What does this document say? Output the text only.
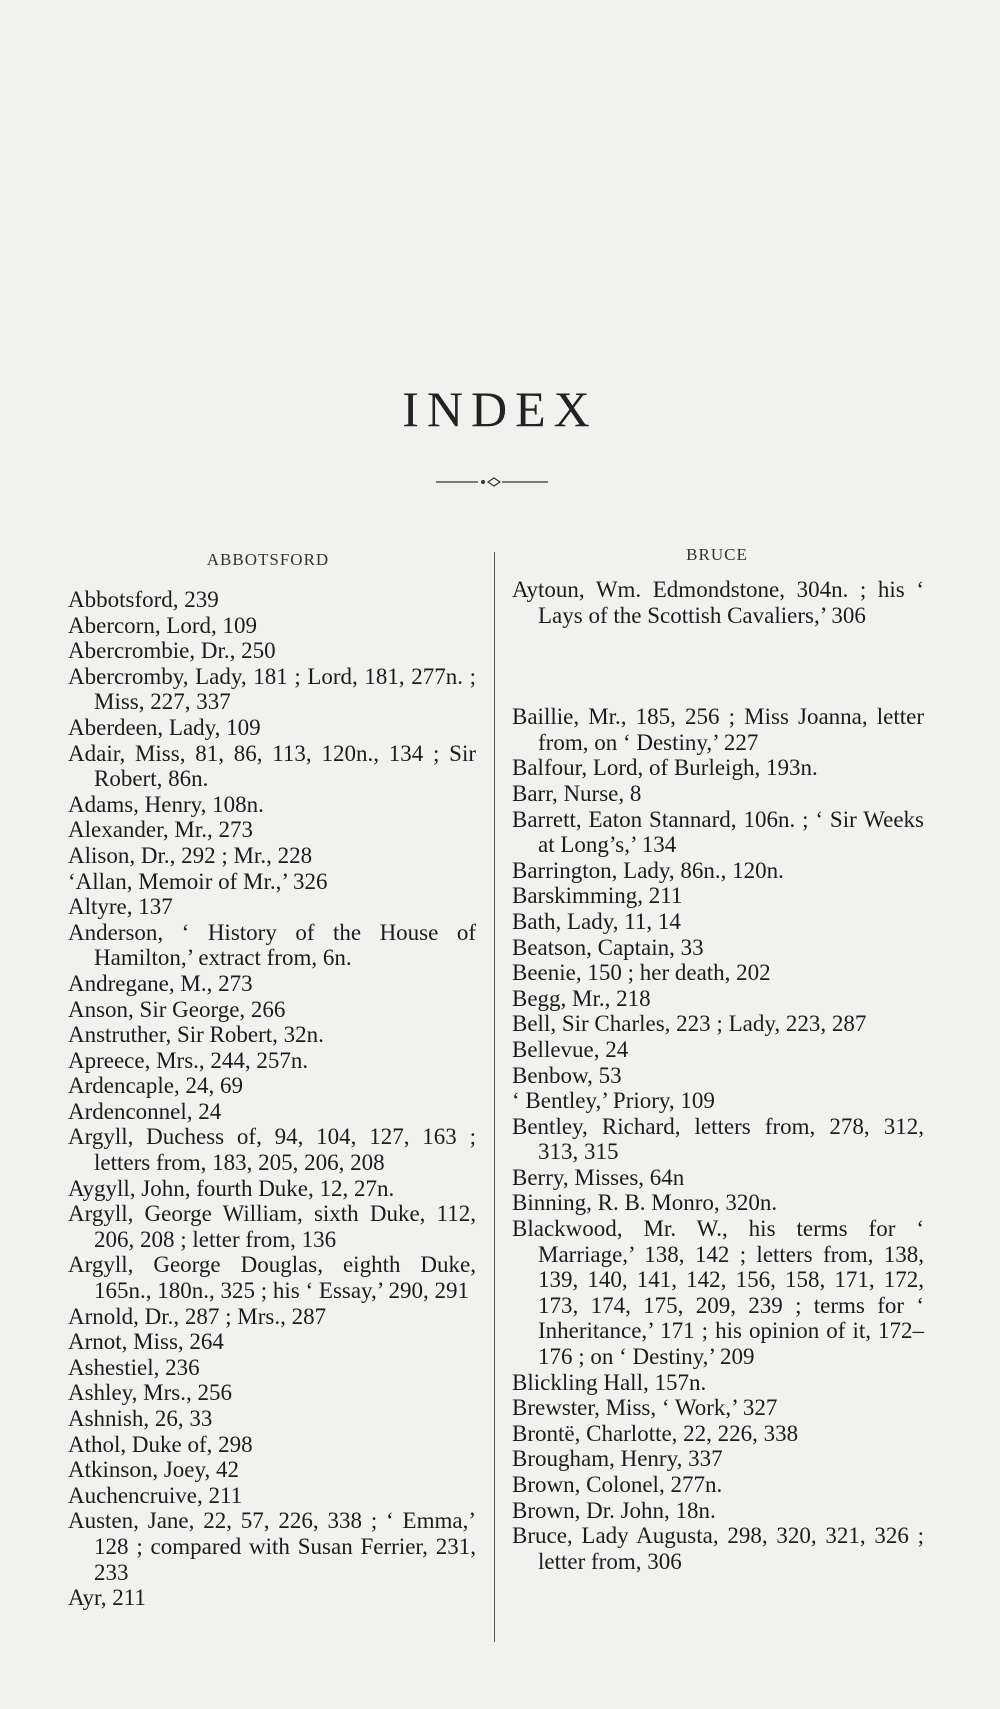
INDEX
ABBOTSFORD	BRUCE

Abbotsford, 239

Abercorn, Lord, 109

Abercrombie, Dr., 250

Abercromby, Lady, 181 ; Lord, 181, 277n. ; Miss, 227, 337

Aberdeen, Lady, 109

Adair, Miss, 81, 86, 113, 120n., 134 ; Sir Robert, 86n.

Adams, Henry, 108n.

Alexander, Mr., 273

Alison, Dr., 292 ; Mr., 228

‘Allan, Memoir of Mr.,’ 326

Altyre, 137

Anderson, ‘ History of the House of Hamilton,’ extract from, 6n.

Andregane, M., 273

Anson, Sir George, 266

Anstruther, Sir Robert, 32n.

Apreece, Mrs., 244, 257n.

Ardencaple, 24, 69

Ardenconnel, 24

Argyll, Duchess of, 94, 104, 127, 163 ; letters from, 183, 205, 206, 208

Aygyll, John, fourth Duke, 12, 27n.

Argyll, George William, sixth Duke, 112, 206, 208 ; letter from, 136

Argyll, George Douglas, eighth Duke, 165n., 180n., 325 ; his ‘ Essay,’ 290, 291

Arnold, Dr., 287 ; Mrs., 287

Arnot, Miss, 264

Ashestiel, 236

Ashley, Mrs., 256

Ashnish, 26, 33

Athol, Duke of, 298

Atkinson, Joey, 42

Auchencruive, 211

Austen, Jane, 22, 57, 226, 338 ; ‘ Emma,’ 128 ; compared with Susan Ferrier, 231, 233

Ayr, 211

Aytoun, Wm. Edmondstone, 304n. ; his ‘ Lays of the Scottish Cavaliers,’ 306

Baillie, Mr., 185, 256 ; Miss Joanna, letter from, on ‘ Destiny,’ 227

Balfour, Lord, of Burleigh, 193n.

Barr, Nurse, 8

Barrett, Eaton Stannard, 106n. ; ‘ Sir Weeks at Long’s,’ 134

Barrington, Lady, 86n., 120n.

Barskimming, 211

Bath, Lady, 11, 14

Beatson, Captain, 33

Beenie, 150 ; her death, 202

Begg, Mr., 218

Bell, Sir Charles, 223 ; Lady, 223, 287

Bellevue, 24

Benbow, 53

‘ Bentley,’ Priory, 109

Bentley, Richard, letters from, 278, 312, 313, 315

Berry, Misses, 64n

Binning, R. B. Monro, 320n.

Blackwood, Mr. W., his terms for ‘ Marriage,’ 138, 142 ; letters from, 138, 139, 140, 141, 142, 156, 158, 171, 172, 173, 174, 175, 209, 239 ; terms for ‘ Inheritance,’ 171 ; his opinion of it, 172–176 ; on ‘ Destiny,’ 209

Blickling Hall, 157n.

Brewster, Miss, ‘ Work,’ 327

Brontë, Charlotte, 22, 226, 338

Brougham, Henry, 337

Brown, Colonel, 277n.

Brown, Dr. John, 18n.

Bruce, Lady Augusta, 298, 320, 321, 326 ; letter from, 306
